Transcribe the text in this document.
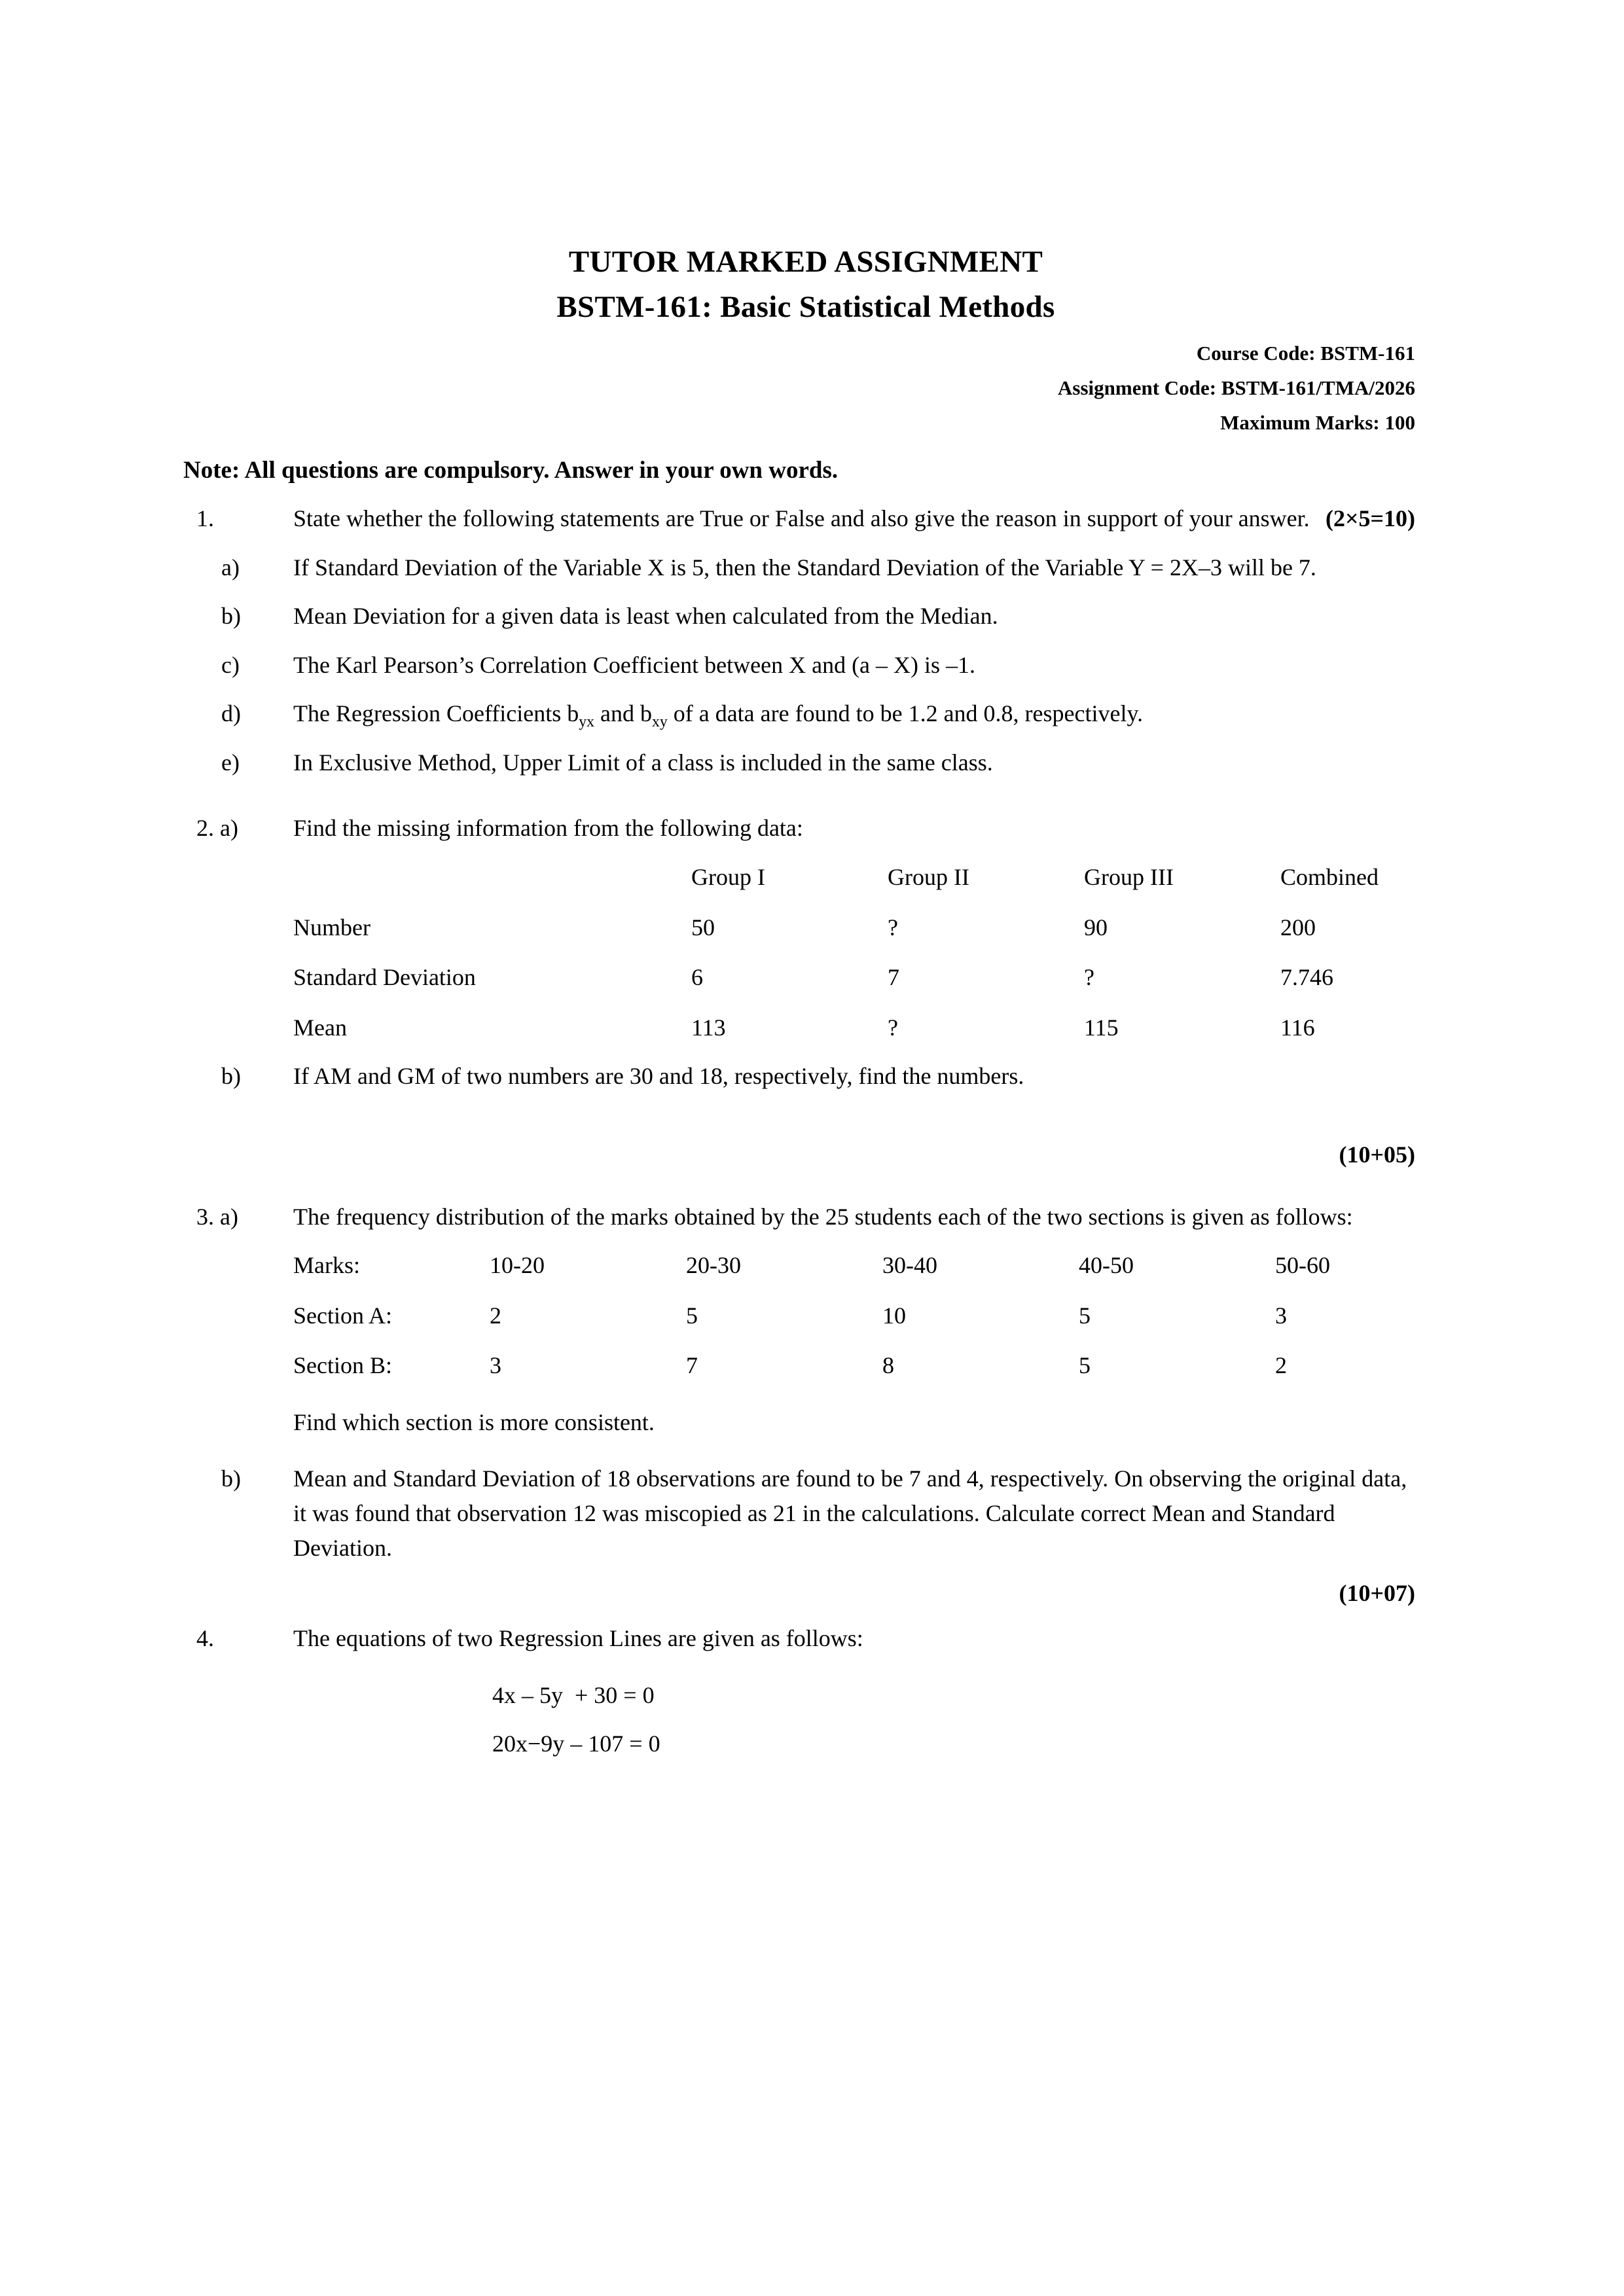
TUTOR MARKED ASSIGNMENT
BSTM-161: Basic Statistical Methods
Course Code: BSTM-161
Assignment Code: BSTM-161/TMA/2026
Maximum Marks: 100
Note: All questions are compulsory. Answer in your own words.
1.	State whether the following statements are True or False and also give the reason in support of your answer. (2×5=10)

a)	If Standard Deviation of the Variable X is 5, then the Standard Deviation of the Variable Y = 2X–3 will be 7.
b)	Mean Deviation for a given data is least when calculated from the Median.
c)	The Karl Pearson’s Correlation Coefficient between X and (a – X) is –1.
d)	The Regression Coefficients $b_{yx}$ and $b_{xy}$ of a data are found to be 1.2 and 0.8, respectively.
e)	In Exclusive Method, Upper Limit of a class is included in the same class.
2. a)	Find the missing information from the following data:
	Group I	Group II	Group III	Combined
Number	50	?	90	200
Standard Deviation	6	7	?	7.746
Mean	113	?	115	116
b)	If AM and GM of two numbers are 30 and 18, respectively, find the numbers.
(10+05)
3. a)	The frequency distribution of the marks obtained by the 25 students each of the two sections is given as follows:
Marks:	10-20	20-30	30-40	40-50	50-60
Section A:	2	5	10	5	3
Section B:	3	7	8	5	2
Find which section is more consistent.
b)	Mean and Standard Deviation of 18 observations are found to be 7 and 4, respectively. On observing the original data, it was found that observation 12 was miscopied as 21 in the calculations. Calculate correct Mean and Standard Deviation.
(10+07)
4.	The equations of two Regression Lines are given as follows:

4x – 5y  + 30 = 0

20x−9y – 107 = 0
